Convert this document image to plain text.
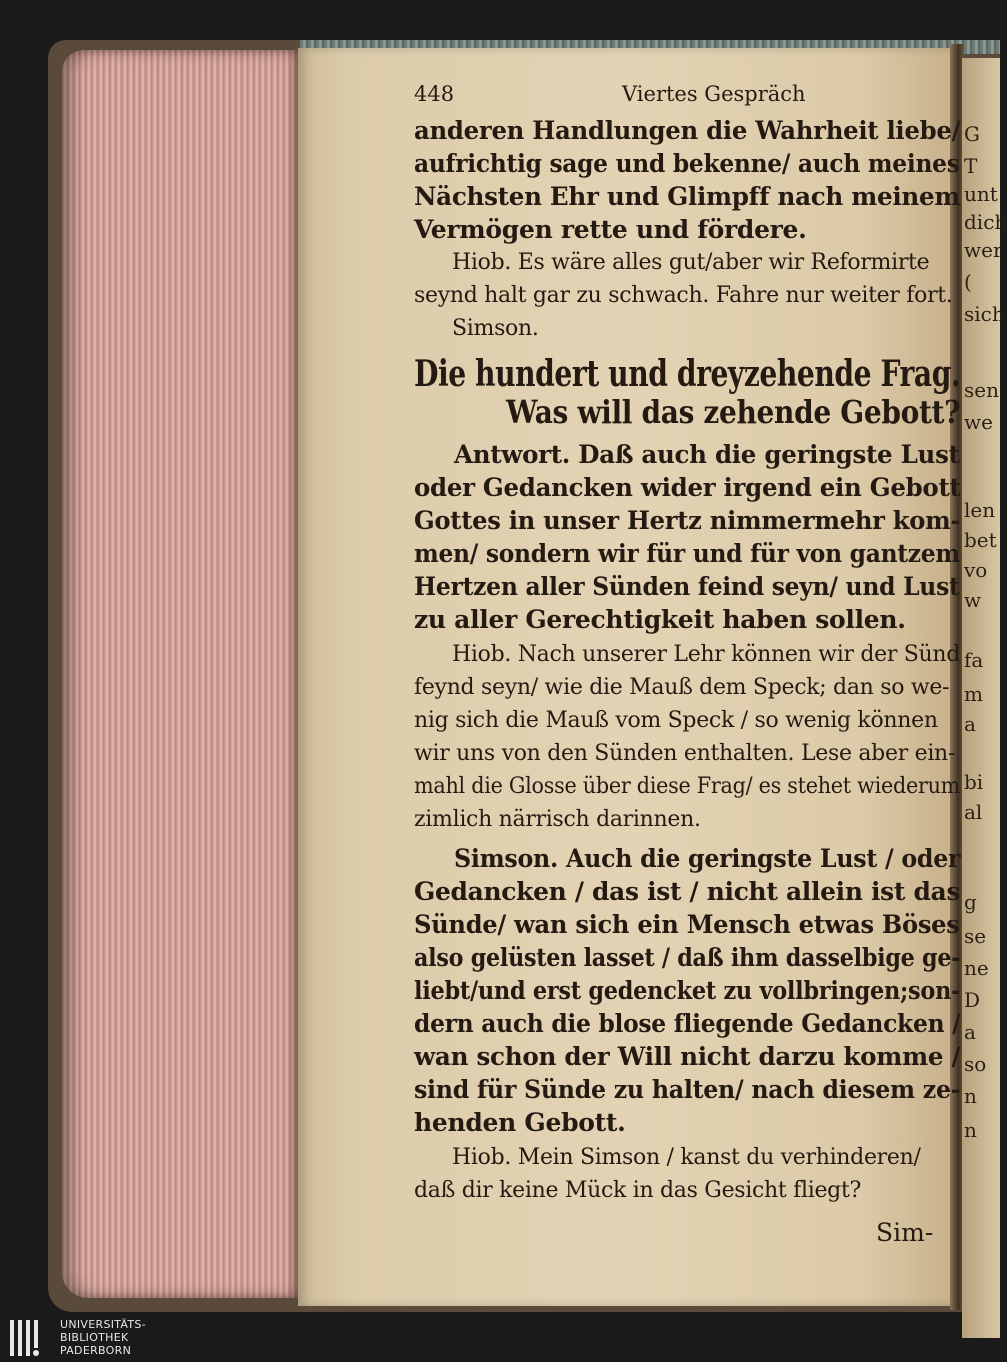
G
T
unt
dich
wer
(
sich
sen
we
len
bet
vo
w
fa
m
a
bi
al
g
se
ne
D
a
so
n
n
448	Viertes Gespräch
anderen Handlungen die Wahrheit liebe/
aufrichtig sage und bekenne/ auch meines
Nächsten Ehr und Glimpff nach meinem
Vermögen rette und fördere.
Hiob. Es wäre alles gut/aber wir Reformirte
seynd halt gar zu schwach. Fahre nur weiter fort.
Simson.
Die hundert und dreyzehende Frag.
Was will das zehende Gebott?
Antwort. Daß auch die geringste Lust
oder Gedancken wider irgend ein Gebott
Gottes in unser Hertz nimmermehr kom-
men/ sondern wir für und für von gantzem
Hertzen aller Sünden feind seyn/ und Lust
zu aller Gerechtigkeit haben sollen.
Hiob. Nach unserer Lehr können wir der Sünd
feynd seyn/ wie die Mauß dem Speck; dan so we-
nig sich die Mauß vom Speck / so wenig können
wir uns von den Sünden enthalten. Lese aber ein-
mahl die Glosse über diese Frag/ es stehet wiederum
zimlich närrisch darinnen.
Simson. Auch die geringste Lust / oder
Gedancken / das ist / nicht allein ist das
Sünde/ wan sich ein Mensch etwas Böses
also gelüsten lasset / daß ihm dasselbige ge-
liebt/und erst gedencket zu vollbringen;son-
dern auch die blose fliegende Gedancken /
wan schon der Will nicht darzu komme /
sind für Sünde zu halten/ nach diesem ze-
henden Gebott.
Hiob. Mein Simson / kanst du verhinderen/
daß dir keine Mück in das Gesicht fliegt?
Sim-
UNIVERSITÄTS-
BIBLIOTHEK
PADERBORN
